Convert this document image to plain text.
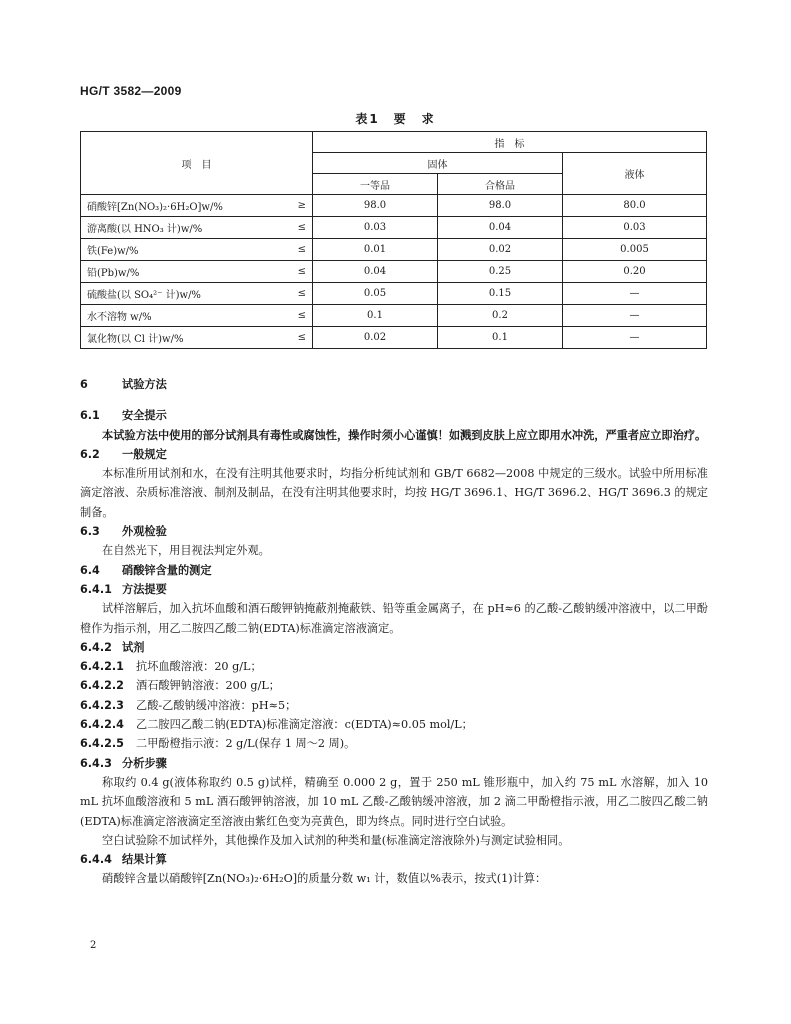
HG/T 3582—2009
表1　要　求
项　目		指　标		
		固体		液体
		一等品	合格品	
硝酸锌[Zn(NO₃)₂·6H₂O]w/%	≥	98.0	98.0	80.0
游离酸(以 HNO₃ 计)w/%	≤	0.03	0.04	0.03
铁(Fe)w/%	≤	0.01	0.02	0.005
铅(Pb)w/%	≤	0.04	0.25	0.20
硫酸盐(以 SO₄²⁻ 计)w/%	≤	0.05	0.15	—
水不溶物 w/%	≤	0.1	0.2	—
氯化物(以 Cl 计)w/%	≤	0.02	0.1	—

6	试验方法

6.1 安全提示

本试验方法中使用的部分试剂具有毒性或腐蚀性，操作时须小心谨慎！如溅到皮肤上应立即用水冲洗，严重者应立即治疗。

6.2 一般规定

本标准所用试剂和水，在没有注明其他要求时，均指分析纯试剂和 GB/T 6682—2008 中规定的三级水。试验中所用标准滴定溶液、杂质标准溶液、制剂及制品，在没有注明其他要求时，均按 HG/T 3696.1、HG/T 3696.2、HG/T 3696.3 的规定制备。

6.3 外观检验

在自然光下，用目视法判定外观。

6.4 硝酸锌含量的测定

6.4.1 方法提要

试样溶解后，加入抗坏血酸和酒石酸钾钠掩蔽剂掩蔽铁、铅等重金属离子，在 pH≈6 的乙酸-乙酸钠缓冲溶液中，以二甲酚橙作为指示剂，用乙二胺四乙酸二钠(EDTA)标准滴定溶液滴定。

6.4.2 试剂

6.4.2.1 抗坏血酸溶液：20 g/L；

6.4.2.2 酒石酸钾钠溶液：200 g/L；

6.4.2.3 乙酸-乙酸钠缓冲溶液：pH≈5；

6.4.2.4 乙二胺四乙酸二钠(EDTA)标准滴定溶液：c(EDTA)≈0.05 mol/L；

6.4.2.5 二甲酚橙指示液：2 g/L(保存 1 周～2 周)。

6.4.3 分析步骤

称取约 0.4 g(液体称取约 0.5 g)试样，精确至 0.000 2 g，置于 250 mL 锥形瓶中，加入约 75 mL 水溶解，加入 10 mL 抗坏血酸溶液和 5 mL 酒石酸钾钠溶液，加 10 mL 乙酸-乙酸钠缓冲溶液，加 2 滴二甲酚橙指示液，用乙二胺四乙酸二钠(EDTA)标准滴定溶液滴定至溶液由紫红色变为亮黄色，即为终点。同时进行空白试验。

空白试验除不加试样外，其他操作及加入试剂的种类和量(标准滴定溶液除外)与测定试验相同。

6.4.4 结果计算

硝酸锌含量以硝酸锌[Zn(NO₃)₂·6H₂O]的质量分数 w₁ 计，数值以%表示，按式(1)计算：

2
